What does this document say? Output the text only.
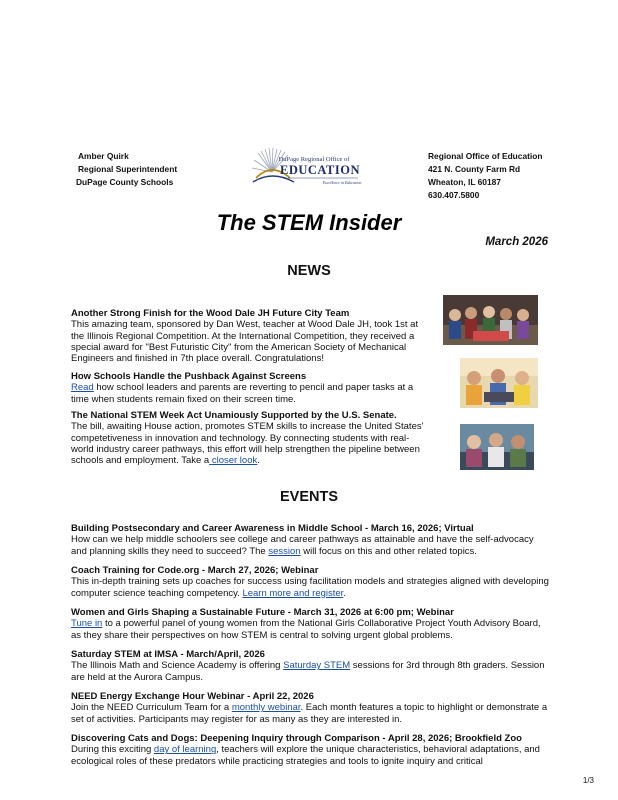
Amber Quirk
Regional Superintendent
DuPage County Schools
DuPage Regional Office of
EDUCATION
Excellence in Education
Regional Office of Education
421 N. County Farm Rd
Wheaton, IL 60187
630.407.5800
The STEM Insider
March 2026
NEWS
Another Strong Finish for the Wood Dale JH Future City Team
This amazing team, sponsored by Dan West, teacher at Wood Dale JH, took 1st at the Illinois Regional Competition. At the International Competition, they received a special award for "Best Futuristic City" from the American Society of Mechanical Engineers and finished in 7th place overall. Congratulations!
How Schools Handle the Pushback Against Screens
Read how school leaders and parents are reverting to pencil and paper tasks at a time when students remain fixed on their screen time.
The National STEM Week Act Unamiously Supported by the U.S. Senate.
The bill, awaiting House action, promotes STEM skills to increase the United States' competetiveness in innovation and technology. By connecting students with real-world industry career pathways, this effort will help strengthen the pipeline between schools and employment. Take a closer look.
EVENTS
Building Postsecondary and Career Awareness in Middle School - March 16, 2026; Virtual
How can we help middle schoolers see college and career pathways as attainable and have the self-advocacy and planning skills they need to succeed? The session will focus on this and other related topics.
Coach Training for Code.org - March 27, 2026; Webinar
This in-depth training sets up coaches for success using facilitation models and strategies aligned with developing computer science teaching competency. Learn more and register.
Women and Girls Shaping a Sustainable Future - March 31, 2026 at 6:00 pm; Webinar
Tune in to a powerful panel of young women from the National Girls Collaborative Project Youth Advisory Board, as they share their perspectives on how STEM is central to solving urgent global problems.
Saturday STEM at IMSA - March/April, 2026
The Illinois Math and Science Academy is offering Saturday STEM sessions for 3rd through 8th graders. Session are held at the Aurora Campus.
NEED Energy Exchange Hour Webinar - April 22, 2026
Join the NEED Curriculum Team for a monthly webinar. Each month features a topic to highlight or demonstrate a set of activities. Participants may register for as many as they are interested in.
Discovering Cats and Dogs: Deepening Inquiry through Comparison - April 28, 2026; Brookfield Zoo
During this exciting day of learning, teachers will explore the unique characteristics, behavioral adaptations, and ecological roles of these predators while practicing strategies and tools to ignite inquiry and critical
1/3
